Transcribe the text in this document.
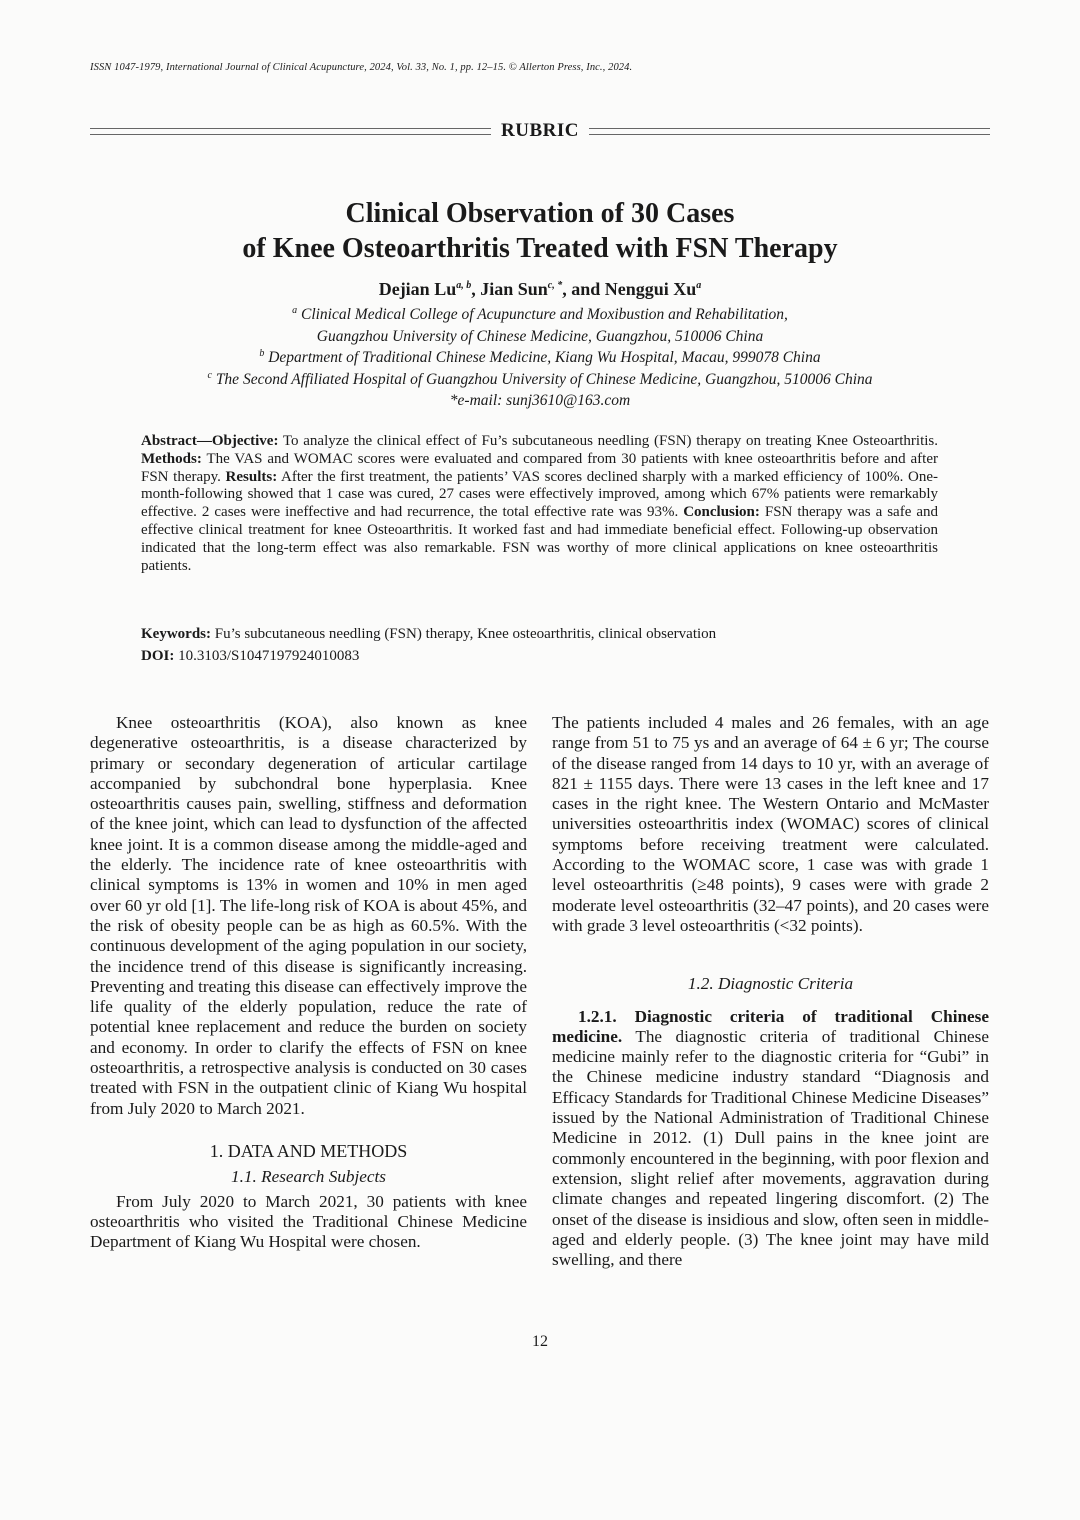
ISSN 1047-1979, International Journal of Clinical Acupuncture, 2024, Vol. 33, No. 1, pp. 12–15. © Allerton Press, Inc., 2024.
RUBRIC
Clinical Observation of 30 Cases
of Knee Osteoarthritis Treated with FSN Therapy
Dejian Lu$^{a, b}$, Jian Sun$^{c, *}$, and Nenggui Xu$^a$
$^a$ Clinical Medical College of Acupuncture and Moxibustion and Rehabilitation,
Guangzhou University of Chinese Medicine, Guangzhou, 510006 China
$^b$ Department of Traditional Chinese Medicine, Kiang Wu Hospital, Macau, 999078 China
$^c$ The Second Affiliated Hospital of Guangzhou University of Chinese Medicine, Guangzhou, 510006 China
*e-mail: sunj3610@163.com
Abstract—Objective: To analyze the clinical effect of Fu’s subcutaneous needling (FSN) therapy on treating Knee Osteoarthritis. Methods: The VAS and WOMAC scores were evaluated and compared from 30 patients with knee osteoarthritis before and after FSN therapy. Results: After the first treatment, the patients’ VAS scores declined sharply with a marked efficiency of 100%. One-month-following showed that 1 case was cured, 27 cases were effectively improved, among which 67% patients were remarkably effective. 2 cases were ineffective and had recurrence, the total effective rate was 93%. Conclusion: FSN therapy was a safe and effective clinical treatment for knee Osteoarthritis. It worked fast and had immediate beneficial effect. Following-up observation indicated that the long-term effect was also remarkable. FSN was worthy of more clinical applications on knee osteoarthritis patients.
Keywords: Fu’s subcutaneous needling (FSN) therapy, Knee osteoarthritis, clinical observation
DOI: 10.3103/S1047197924010083

Knee osteoarthritis (KOA), also known as knee degenerative osteoarthritis, is a disease characterized by primary or secondary degeneration of articular cartilage accompanied by subchondral bone hyperplasia. Knee osteoarthritis causes pain, swelling, stiffness and deformation of the knee joint, which can lead to dysfunction of the affected knee joint. It is a common disease among the middle-aged and the elderly. The incidence rate of knee osteoarthritis with clinical symptoms is 13% in women and 10% in men aged over 60 yr old [1]. The life-long risk of KOA is about 45%, and the risk of obesity people can be as high as 60.5%. With the continuous development of the aging population in our society, the incidence trend of this disease is significantly increasing. Preventing and treating this disease can effectively improve the life quality of the elderly population, reduce the rate of potential knee replacement and reduce the burden on society and economy. In order to clarify the effects of FSN on knee osteoarthritis, a retrospective analysis is conducted on 30 cases treated with FSN in the outpatient clinic of Kiang Wu hospital from July 2020 to March 2021.

1. DATA AND METHODS

1.1. Research Subjects

From July 2020 to March 2021, 30 patients with knee osteoarthritis who visited the Traditional Chinese Medicine Department of Kiang Wu Hospital were chosen.

The patients included 4 males and 26 females, with an age range from 51 to 75 ys and an average of 64 ± 6 yr; The course of the disease ranged from 14 days to 10 yr, with an average of 821 ± 1155 days. There were 13 cases in the left knee and 17 cases in the right knee. The Western Ontario and McMaster universities osteoarthritis index (WOMAC) scores of clinical symptoms before receiving treatment were calculated. According to the WOMAC score, 1 case was with grade 1 level osteoarthritis (≥48 points), 9 cases were with grade 2 moderate level osteoarthritis (32–47 points), and 20 cases were with grade 3 level osteoarthritis (<32 points).

1.2. Diagnostic Criteria

1.2.1. Diagnostic criteria of traditional Chinese medicine. The diagnostic criteria of traditional Chinese medicine mainly refer to the diagnostic criteria for “Gubi” in the Chinese medicine industry standard “Diagnosis and Efficacy Standards for Traditional Chinese Medicine Diseases” issued by the National Administration of Traditional Chinese Medicine in 2012. (1) Dull pains in the knee joint are commonly encountered in the beginning, with poor flexion and extension, slight relief after movements, aggravation during climate changes and repeated lingering discomfort. (2) The onset of the disease is insidious and slow, often seen in middle-aged and elderly people. (3) The knee joint may have mild swelling, and there

12
